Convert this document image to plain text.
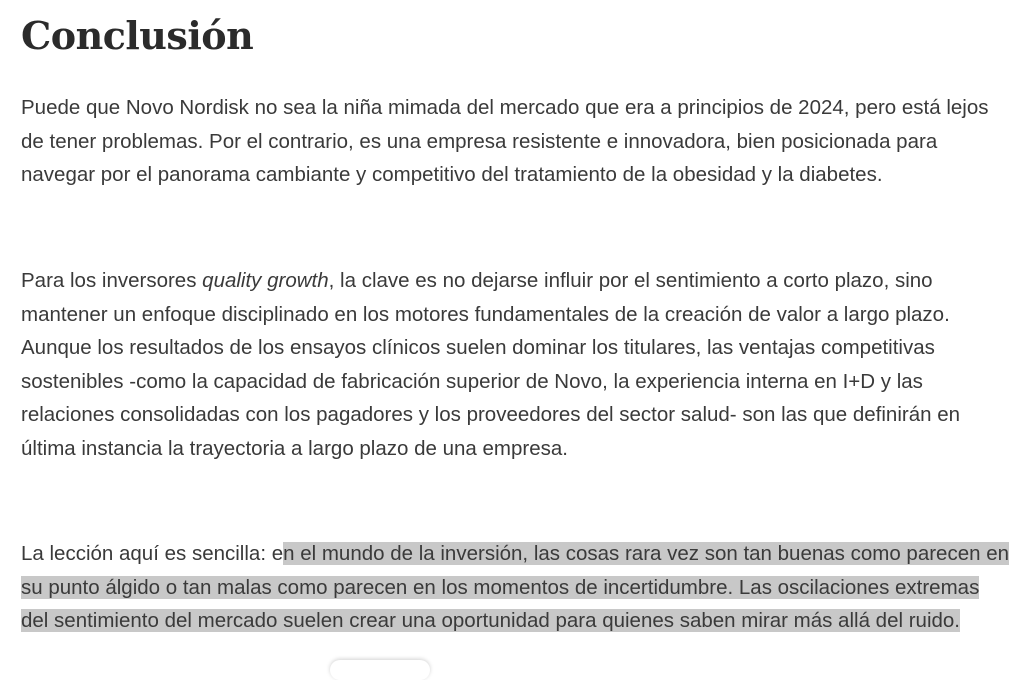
Conclusión

Puede que Novo Nordisk no sea la niña mimada del mercado que era a principios de 2024, pero está lejos de tener problemas. Por el contrario, es una empresa resistente e innovadora, bien posicionada para navegar por el panorama cambiante y competitivo del tratamiento de la obesidad y la diabetes.

Para los inversores quality growth, la clave es no dejarse influir por el sentimiento a corto plazo, sino mantener un enfoque disciplinado en los motores fundamentales de la creación de valor a largo plazo. Aunque los resultados de los ensayos clínicos suelen dominar los titulares, las ventajas competitivas sostenibles -como la capacidad de fabricación superior de Novo, la experiencia interna en I+D y las relaciones consolidadas con los pagadores y los proveedores del sector salud- son las que definirán en última instancia la trayectoria a largo plazo de una empresa.

La lección aquí es sencilla: en el mundo de la inversión, las cosas rara vez son tan buenas como parecen en su punto álgido o tan malas como parecen en los momentos de incertidumbre. Las oscilaciones extremas del sentimiento del mercado suelen crear una oportunidad para quienes saben mirar más allá del ruido.
